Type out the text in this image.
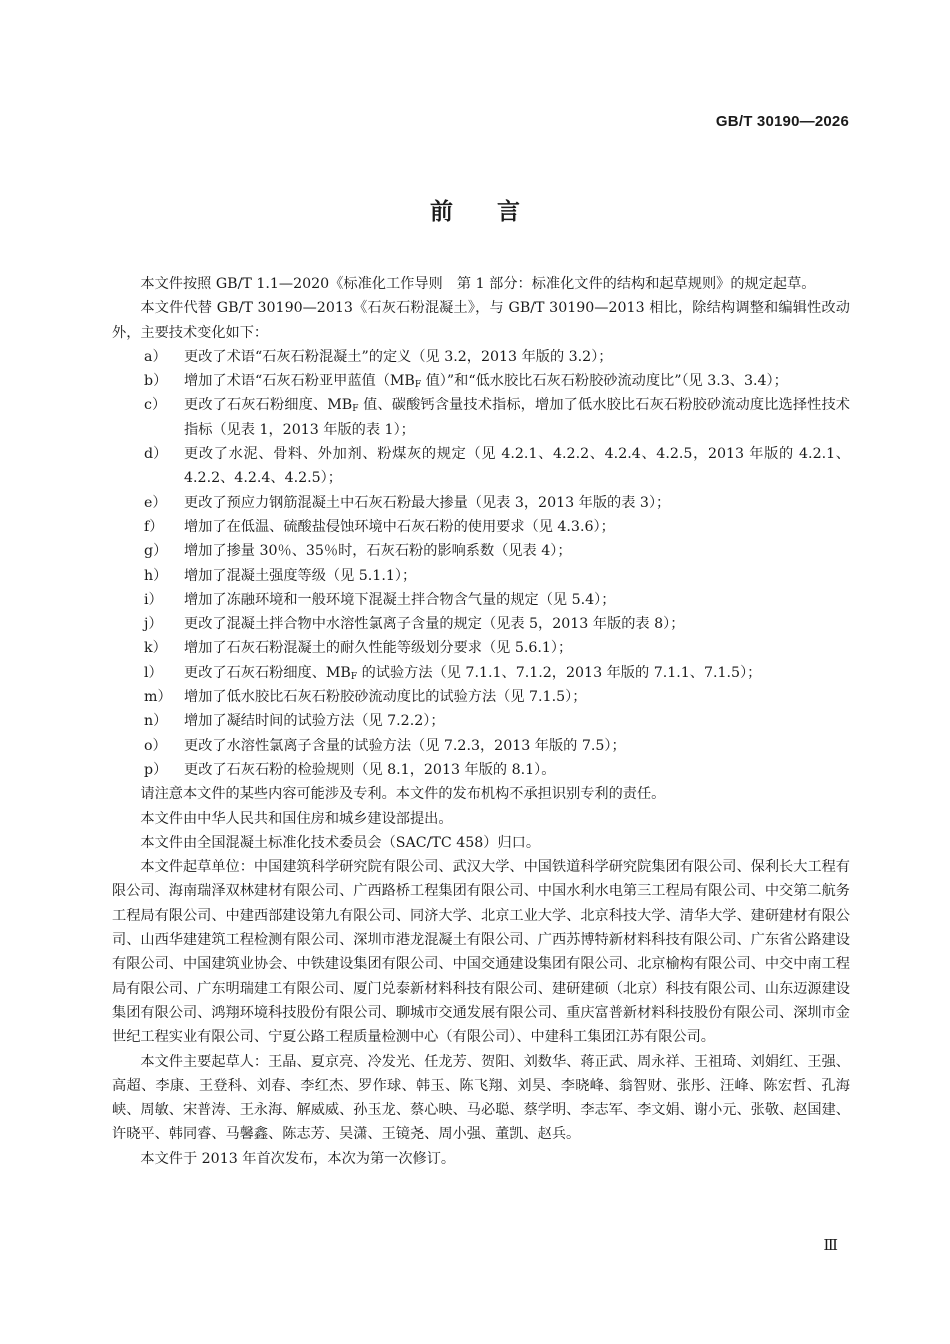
GB/T 30190—2026
前言

本文件按照 GB/T 1.1—2020《标准化工作导则　第 1 部分：标准化文件的结构和起草规则》的规定起草。

本文件代替 GB/T 30190—2013《石灰石粉混凝土》，与 GB/T 30190—2013 相比，除结构调整和编辑性改动外，主要技术变化如下：

a） 更改了术语“石灰石粉混凝土”的定义（见 3.2，2013 年版的 3.2）；
b） 增加了术语“石灰石粉亚甲蓝值（$MB_F$ 值）”和“低水胶比石灰石粉胶砂流动度比”（见 3.3、3.4）；
c） 更改了石灰石粉细度、$MB_F$ 值、碳酸钙含量技术指标，增加了低水胶比石灰石粉胶砂流动度比选择性技术指标（见表 1，2013 年版的表 1）；
d） 更改了水泥、骨料、外加剂、粉煤灰的规定（见 4.2.1、4.2.2、4.2.4、4.2.5，2013 年版的 4.2.1、4.2.2、4.2.4、4.2.5）；
e） 更改了预应力钢筋混凝土中石灰石粉最大掺量（见表 3，2013 年版的表 3）；
f） 增加了在低温、硫酸盐侵蚀环境中石灰石粉的使用要求（见 4.3.6）；
g） 增加了掺量 30％、35％时，石灰石粉的影响系数（见表 4）；
h） 增加了混凝土强度等级（见 5.1.1）；
i） 增加了冻融环境和一般环境下混凝土拌合物含气量的规定（见 5.4）；
j） 更改了混凝土拌合物中水溶性氯离子含量的规定（见表 5，2013 年版的表 8）；
k） 增加了石灰石粉混凝土的耐久性能等级划分要求（见 5.6.1）；
l） 更改了石灰石粉细度、$MB_F$ 的试验方法（见 7.1.1、7.1.2，2013 年版的 7.1.1、7.1.5）；
m） 增加了低水胶比石灰石粉胶砂流动度比的试验方法（见 7.1.5）；
n） 增加了凝结时间的试验方法（见 7.2.2）；
o） 更改了水溶性氯离子含量的试验方法（见 7.2.3，2013 年版的 7.5）；
p） 更改了石灰石粉的检验规则（见 8.1，2013 年版的 8.1）。

请注意本文件的某些内容可能涉及专利。本文件的发布机构不承担识别专利的责任。

本文件由中华人民共和国住房和城乡建设部提出。

本文件由全国混凝土标准化技术委员会（SAC/TC 458）归口。

本文件起草单位：中国建筑科学研究院有限公司、武汉大学、中国铁道科学研究院集团有限公司、保利长大工程有限公司、海南瑞泽双林建材有限公司、广西路桥工程集团有限公司、中国水利水电第三工程局有限公司、中交第二航务工程局有限公司、中建西部建设第九有限公司、同济大学、北京工业大学、北京科技大学、清华大学、建研建材有限公司、山西华建建筑工程检测有限公司、深圳市港龙混凝土有限公司、广西苏博特新材料科技有限公司、广东省公路建设有限公司、中国建筑业协会、中铁建设集团有限公司、中国交通建设集团有限公司、北京榆构有限公司、中交中南工程局有限公司、广东明瑞建工有限公司、厦门兑泰新材料科技有限公司、建研建硕（北京）科技有限公司、山东迈源建设集团有限公司、鸿翔环境科技股份有限公司、聊城市交通发展有限公司、重庆富普新材料科技股份有限公司、深圳市金世纪工程实业有限公司、宁夏公路工程质量检测中心（有限公司）、中建科工集团江苏有限公司。

本文件主要起草人：王晶、夏京亮、冷发光、任龙芳、贺阳、刘数华、蒋正武、周永祥、王祖琦、刘娟红、王强、高超、李康、王登科、刘春、李红杰、罗作球、韩玉、陈飞翔、刘昊、李晓峰、翁智财、张彤、汪峰、陈宏哲、孔海峡、周敏、宋普涛、王永海、解威威、孙玉龙、蔡心映、马必聪、蔡学明、李志军、李文娟、谢小元、张敬、赵国建、许晓平、韩同睿、马馨鑫、陈志芳、吴潇、王镜尧、周小强、董凯、赵兵。

本文件于 2013 年首次发布，本次为第一次修订。

Ⅲ
